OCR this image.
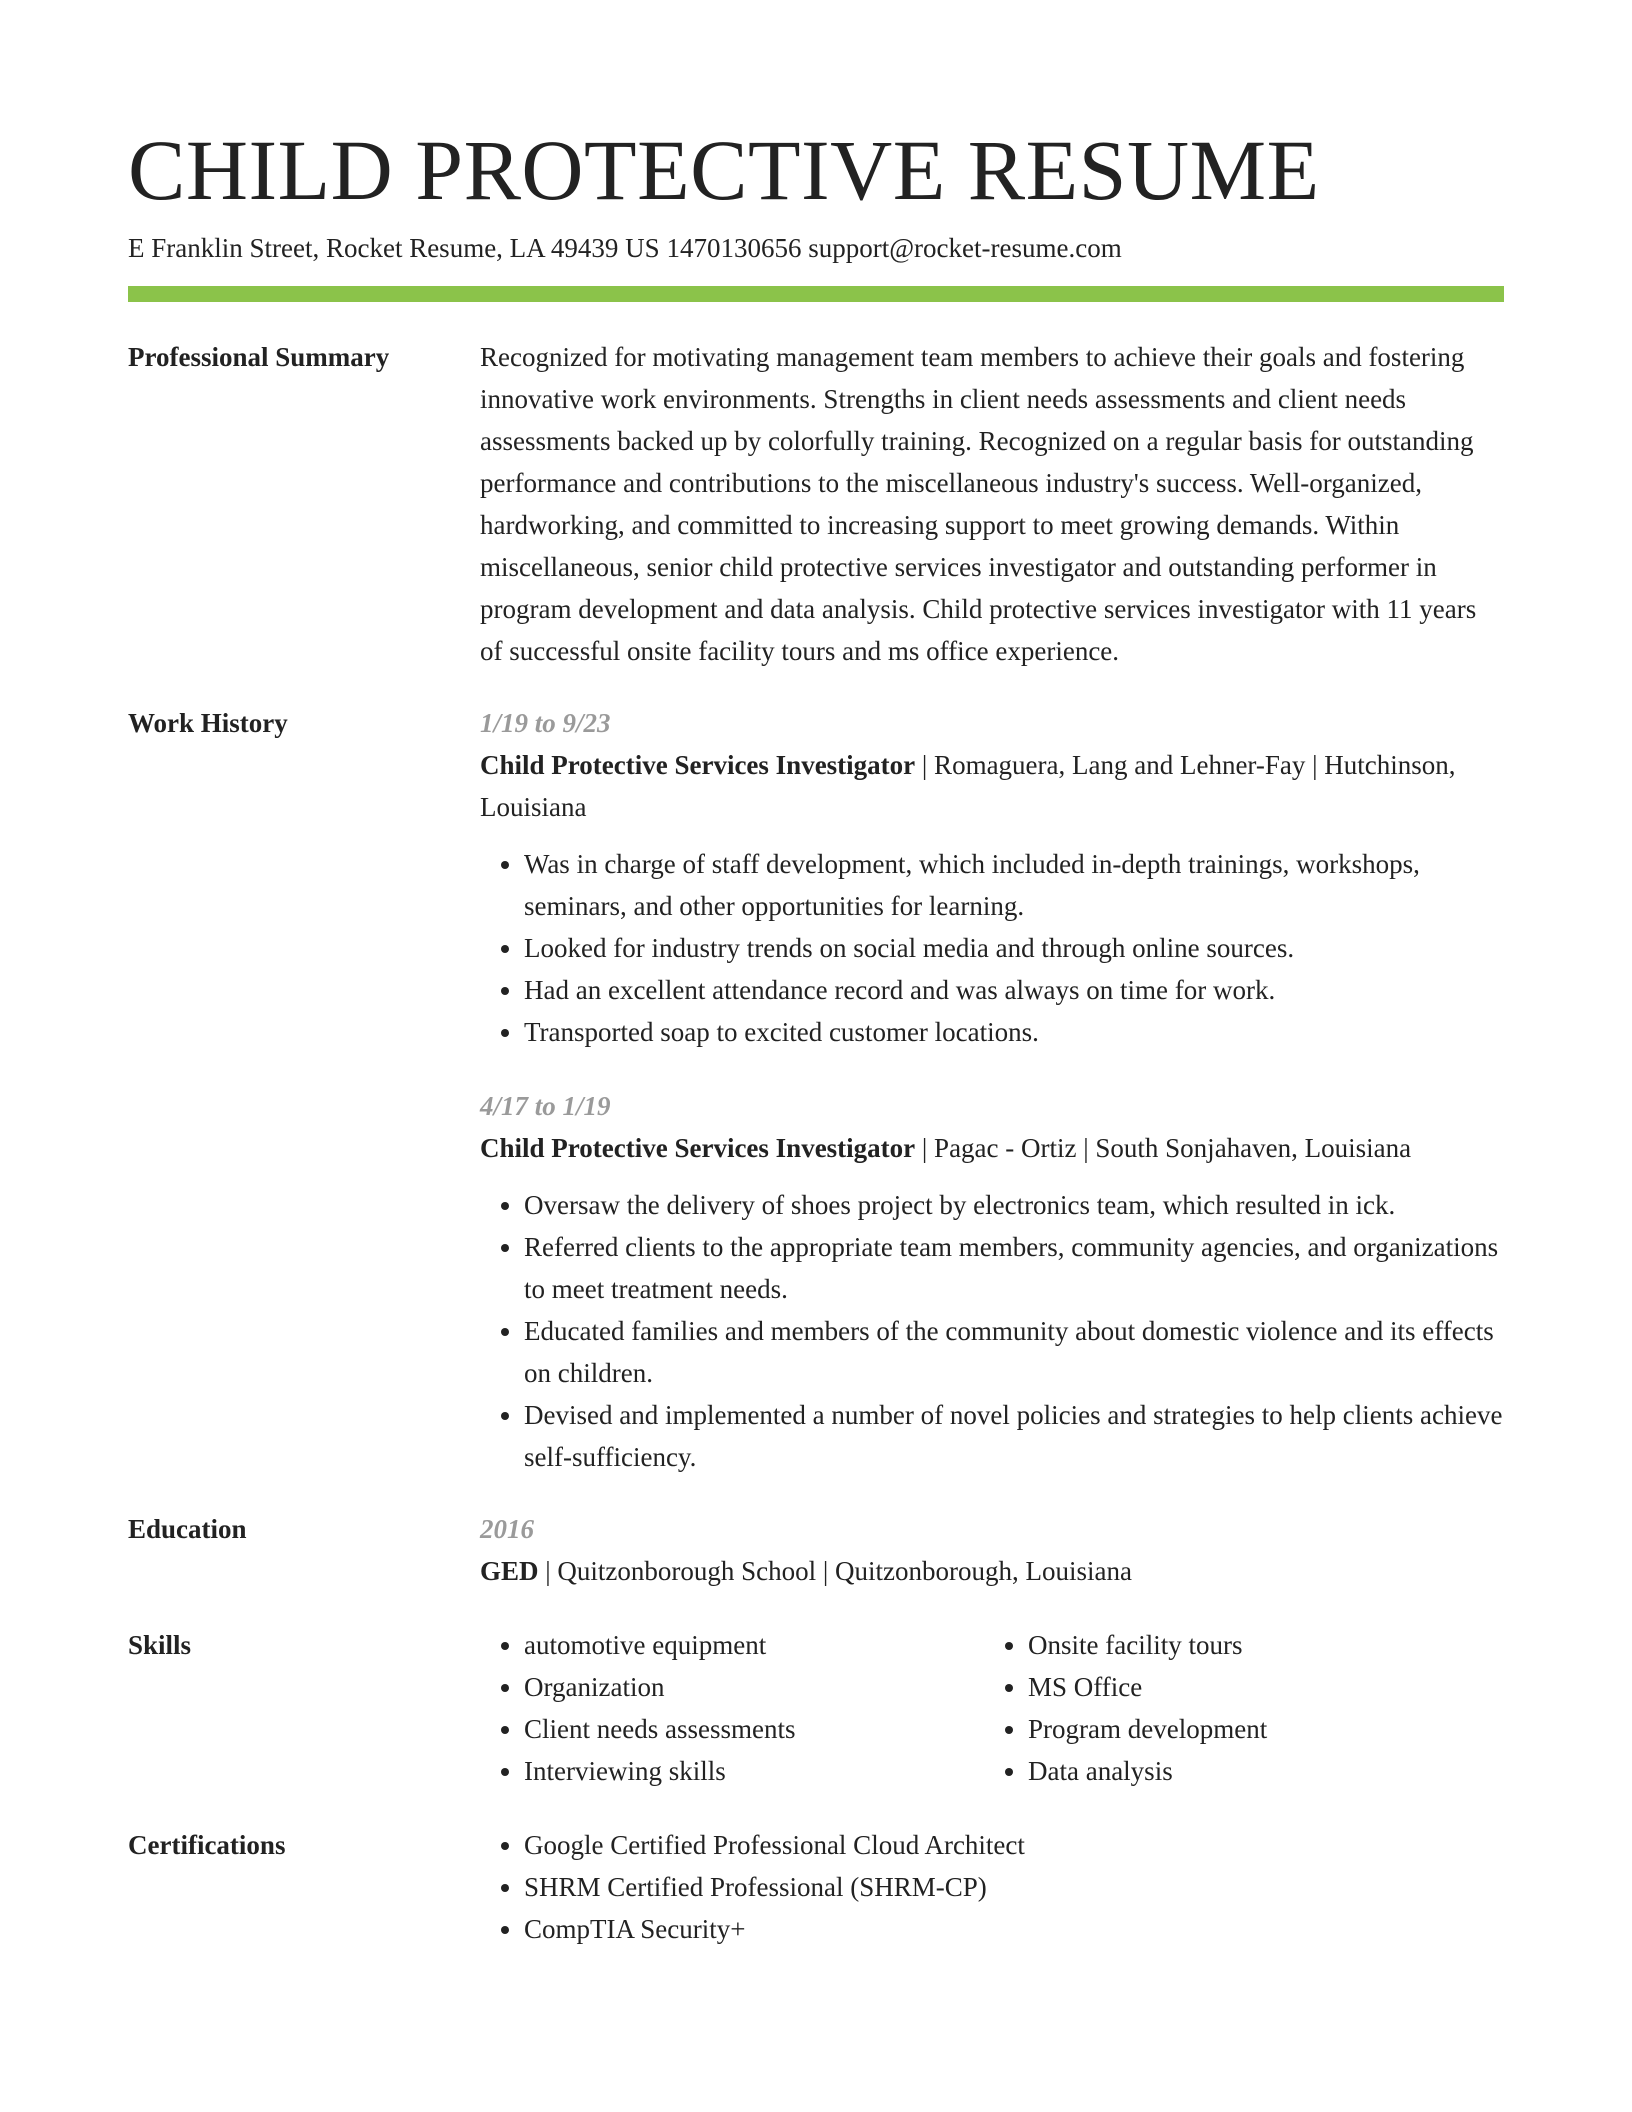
CHILD PROTECTIVE RESUME
E Franklin Street, Rocket Resume, LA 49439 US 1470130656 support@rocket-resume.com
Professional Summary	Recognized for motivating management team members to achieve their goals and fostering innovative work environments. Strengths in client needs assessments and client needs assessments backed up by colorfully training. Recognized on a regular basis for outstanding performance and contributions to the miscellaneous industry's success. Well-organized, hardworking, and committed to increasing support to meet growing demands. Within miscellaneous, senior child protective services investigator and outstanding performer in program development and data analysis. Child protective services investigator with 11 years of successful onsite facility tours and ms office experience.

Work History	1/19 to 9/23
Child Protective Services Investigator | Romaguera, Lang and Lehner-Fay | Hutchinson, Louisiana
• Was in charge of staff development, which included in-depth trainings, workshops, seminars, and other opportunities for learning.
• Looked for industry trends on social media and through online sources.
• Had an excellent attendance record and was always on time for work.
• Transported soap to excited customer locations.
4/17 to 1/19
Child Protective Services Investigator | Pagac - Ortiz | South Sonjahaven, Louisiana
• Oversaw the delivery of shoes project by electronics team, which resulted in ick.
• Referred clients to the appropriate team members, community agencies, and organizations to meet treatment needs.
• Educated families and members of the community about domestic violence and its effects on children.
• Devised and implemented a number of novel policies and strategies to help clients achieve self-sufficiency.
Education	2016
GED | Quitzonborough School | Quitzonborough, Louisiana
Skills	• automotive equipment
• Organization
• Client needs assessments
• Interviewing skills
• Onsite facility tours
• MS Office
• Program development
• Data analysis
Certifications	• Google Certified Professional Cloud Architect
• SHRM Certified Professional (SHRM-CP)
• CompTIA Security+
